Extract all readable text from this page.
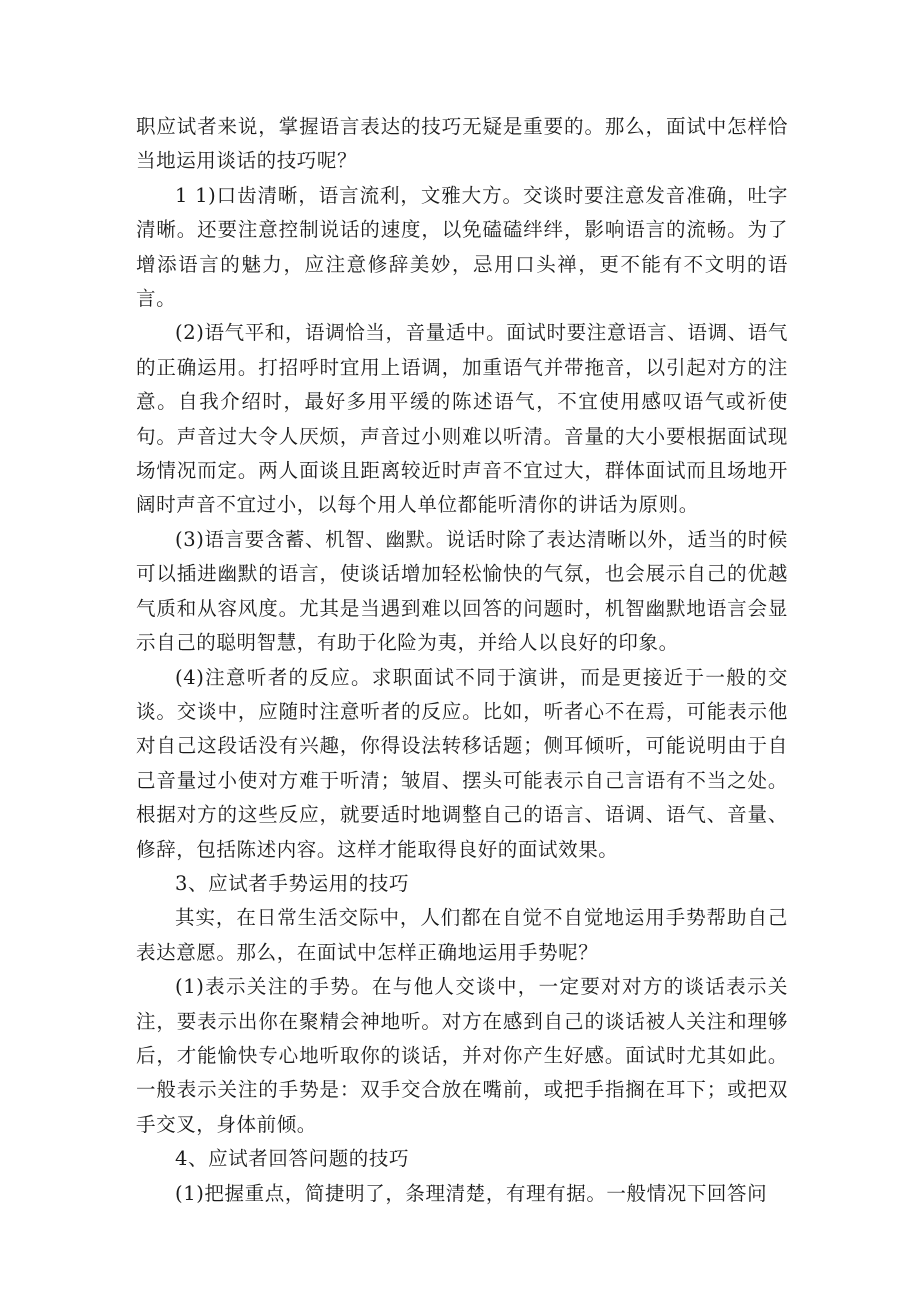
职应试者来说，掌握语言表达的技巧无疑是重要的。那么，面试中怎样恰当地运用谈话的技巧呢？

1 1)口齿清晰，语言流利，文雅大方。交谈时要注意发音准确，吐字清晰。还要注意控制说话的速度，以免磕磕绊绊，影响语言的流畅。为了增添语言的魅力，应注意修辞美妙，忌用口头禅，更不能有不文明的语言。

(2)语气平和，语调恰当，音量适中。面试时要注意语言、语调、语气的正确运用。打招呼时宜用上语调，加重语气并带拖音，以引起对方的注意。自我介绍时，最好多用平缓的陈述语气，不宜使用感叹语气或祈使句。声音过大令人厌烦，声音过小则难以听清。音量的大小要根据面试现场情况而定。两人面谈且距离较近时声音不宜过大，群体面试而且场地开阔时声音不宜过小，以每个用人单位都能听清你的讲话为原则。

(3)语言要含蓄、机智、幽默。说话时除了表达清晰以外，适当的时候可以插进幽默的语言，使谈话增加轻松愉快的气氛，也会展示自己的优越气质和从容风度。尤其是当遇到难以回答的问题时，机智幽默地语言会显示自己的聪明智慧，有助于化险为夷，并给人以良好的印象。

(4)注意听者的反应。求职面试不同于演讲，而是更接近于一般的交谈。交谈中，应随时注意听者的反应。比如，听者心不在焉，可能表示他对自己这段话没有兴趣，你得设法转移话题；侧耳倾听，可能说明由于自己音量过小使对方难于听清；皱眉、摆头可能表示自己言语有不当之处。根据对方的这些反应，就要适时地调整自己的语言、语调、语气、音量、修辞，包括陈述内容。这样才能取得良好的面试效果。

3、应试者手势运用的技巧

其实，在日常生活交际中，人们都在自觉不自觉地运用手势帮助自己表达意愿。那么，在面试中怎样正确地运用手势呢？

(1)表示关注的手势。在与他人交谈中，一定要对对方的谈话表示关注，要表示出你在聚精会神地听。对方在感到自己的谈话被人关注和理够后，才能愉快专心地听取你的谈话，并对你产生好感。面试时尤其如此。一般表示关注的手势是：双手交合放在嘴前，或把手指搁在耳下；或把双手交叉，身体前倾。

4、应试者回答问题的技巧

(1)把握重点，简捷明了，条理清楚，有理有据。一般情况下回答问
